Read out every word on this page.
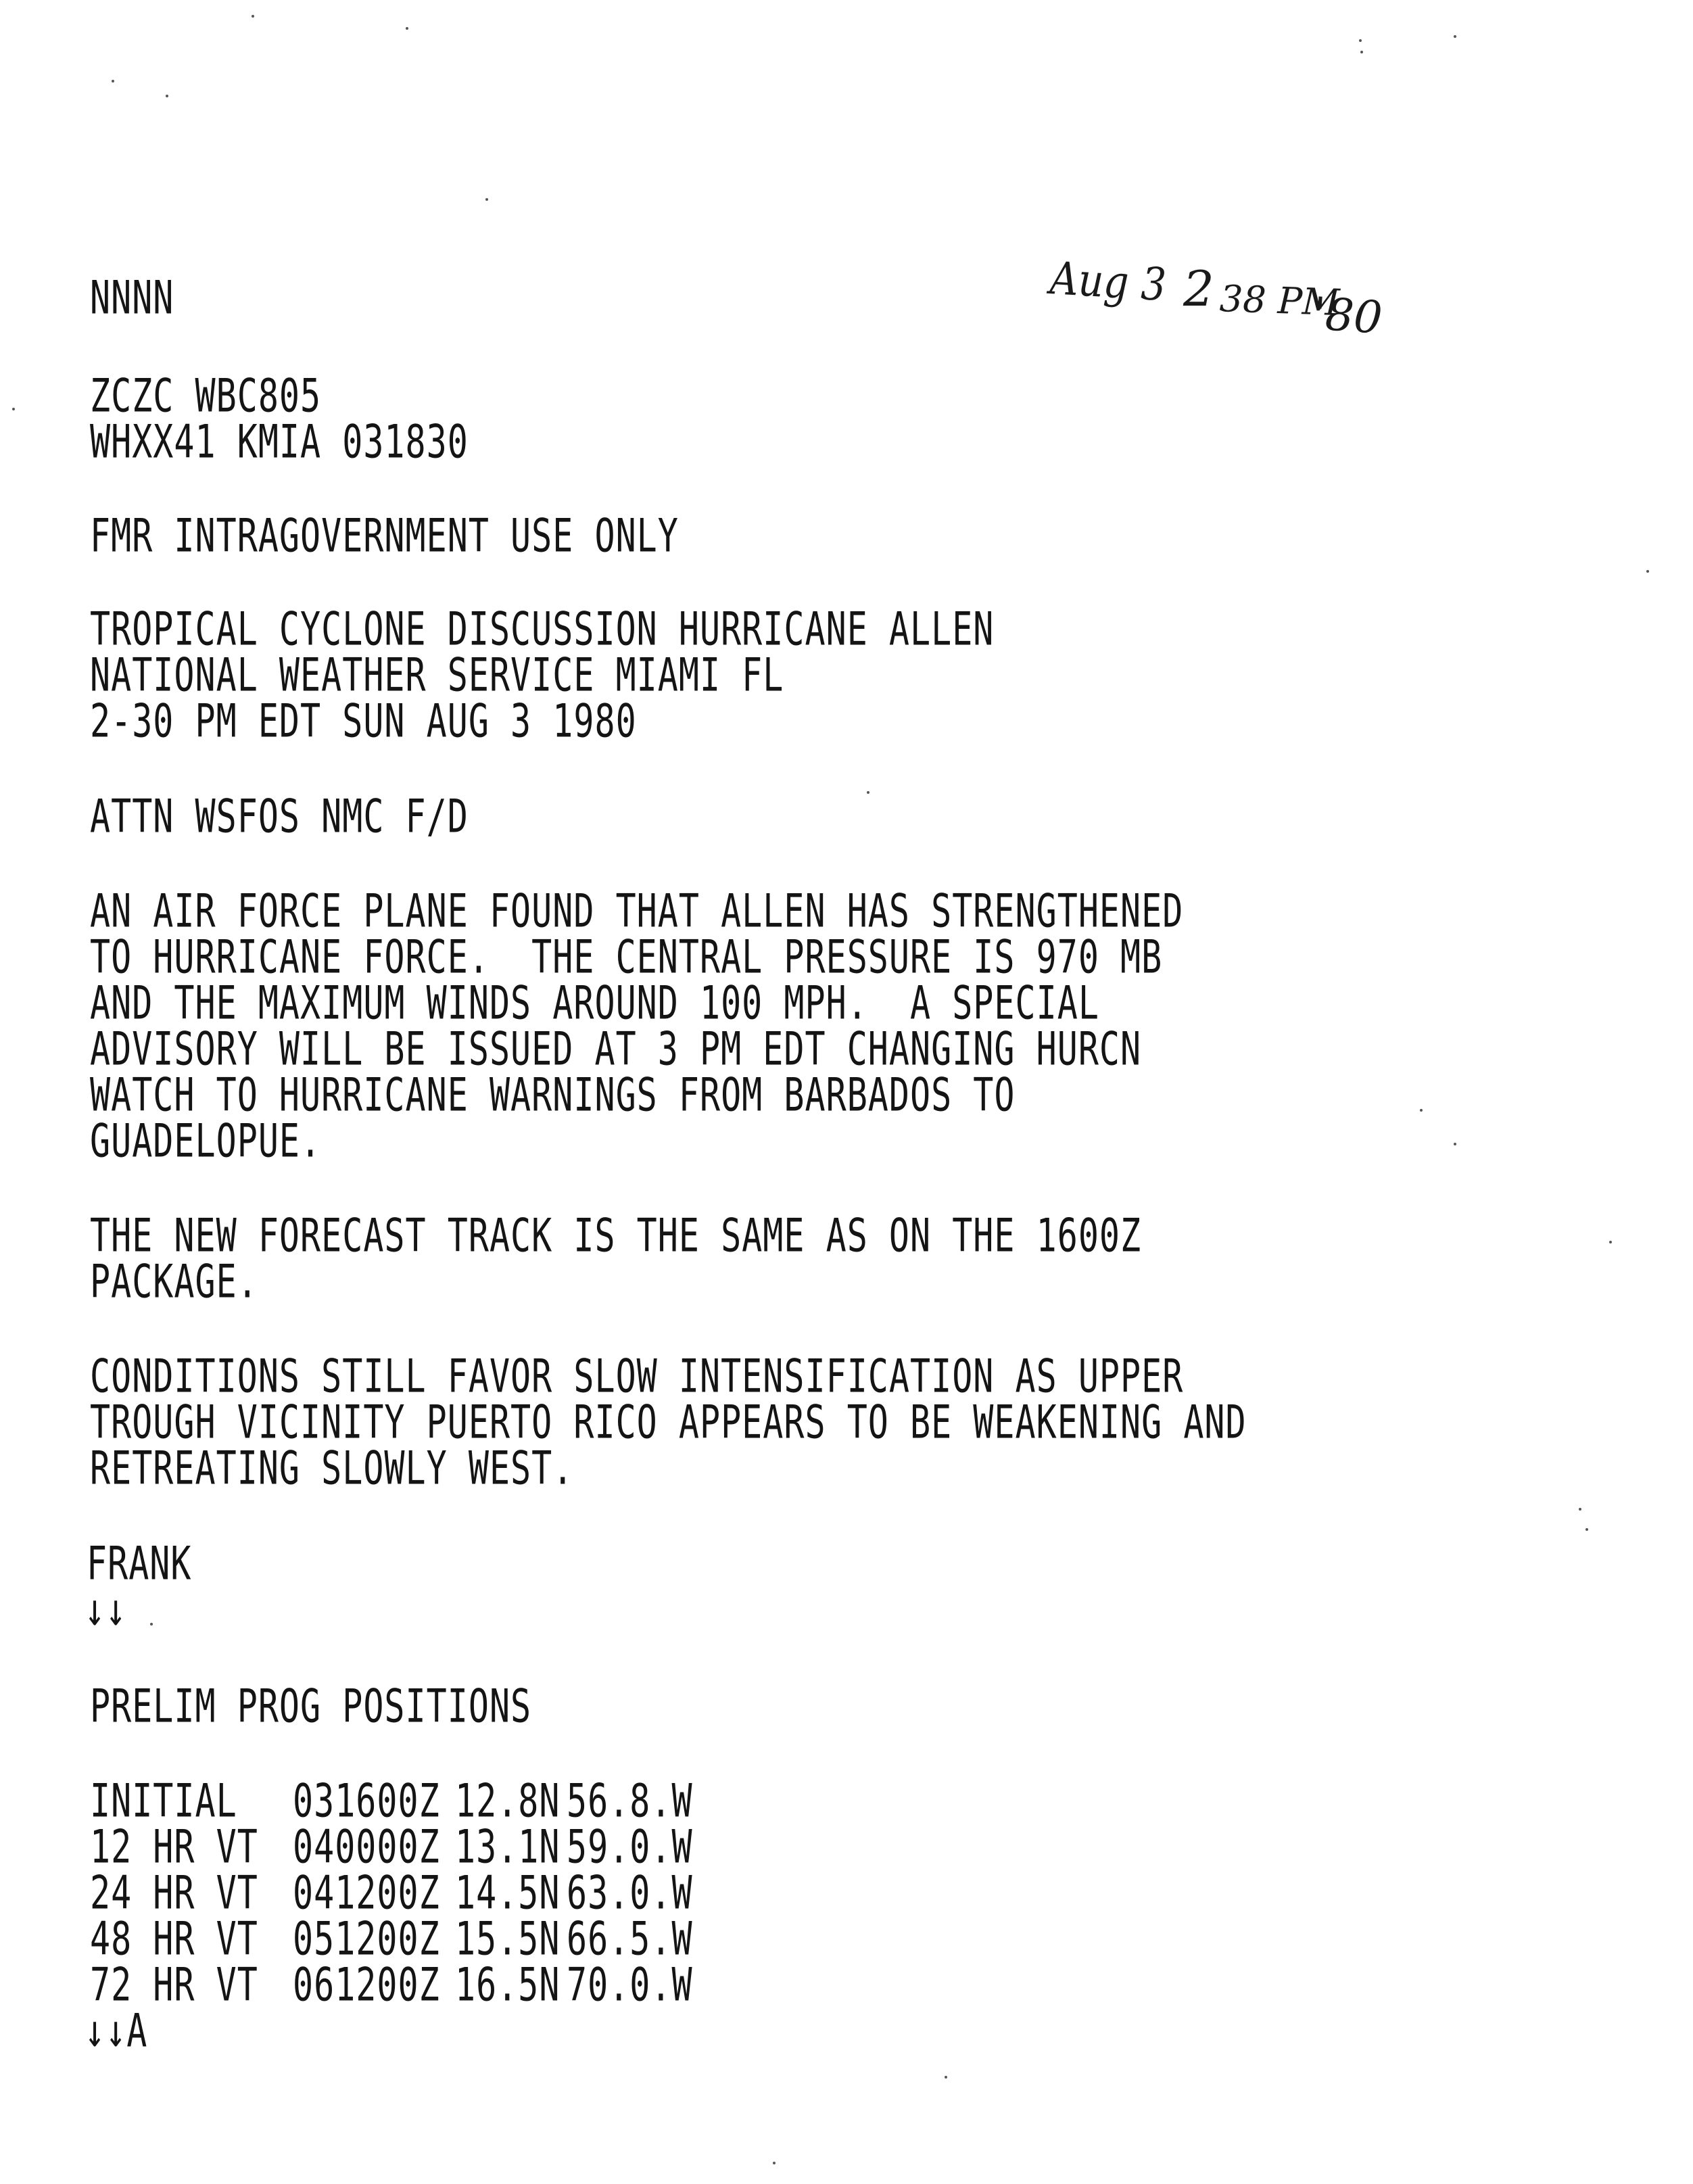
Aug 3 2 38 PM
'80
NNNN
ZCZC WBC805
WHXX41 KMIA 031830
FMR INTRAGOVERNMENT USE ONLY
TROPICAL CYCLONE DISCUSSION HURRICANE ALLEN
NATIONAL WEATHER SERVICE MIAMI FL
2-30 PM EDT SUN AUG 3 1980
ATTN WSFOS NMC F/D
AN AIR FORCE PLANE FOUND THAT ALLEN HAS STRENGTHENED
TO HURRICANE FORCE.  THE CENTRAL PRESSURE IS 970 MB
AND THE MAXIMUM WINDS AROUND 100 MPH.  A SPECIAL
ADVISORY WILL BE ISSUED AT 3 PM EDT CHANGING HURCN
WATCH TO HURRICANE WARNINGS FROM BARBADOS TO
GUADELOPUE.
THE NEW FORECAST TRACK IS THE SAME AS ON THE 1600Z
PACKAGE.
CONDITIONS STILL FAVOR SLOW INTENSIFICATION AS UPPER
TROUGH VICINITY PUERTO RICO APPEARS TO BE WEAKENING AND
RETREATING SLOWLY WEST.
FRANK
↓↓
PRELIM PROG POSITIONS
INITIAL 031600Z 12.8N 56.8.W
12 HR VT 040000Z 13.1N 59.0.W
24 HR VT 041200Z 14.5N 63.0.W
48 HR VT 051200Z 15.5N 66.5.W
72 HR VT 061200Z 16.5N 70.0.W
↓↓A
